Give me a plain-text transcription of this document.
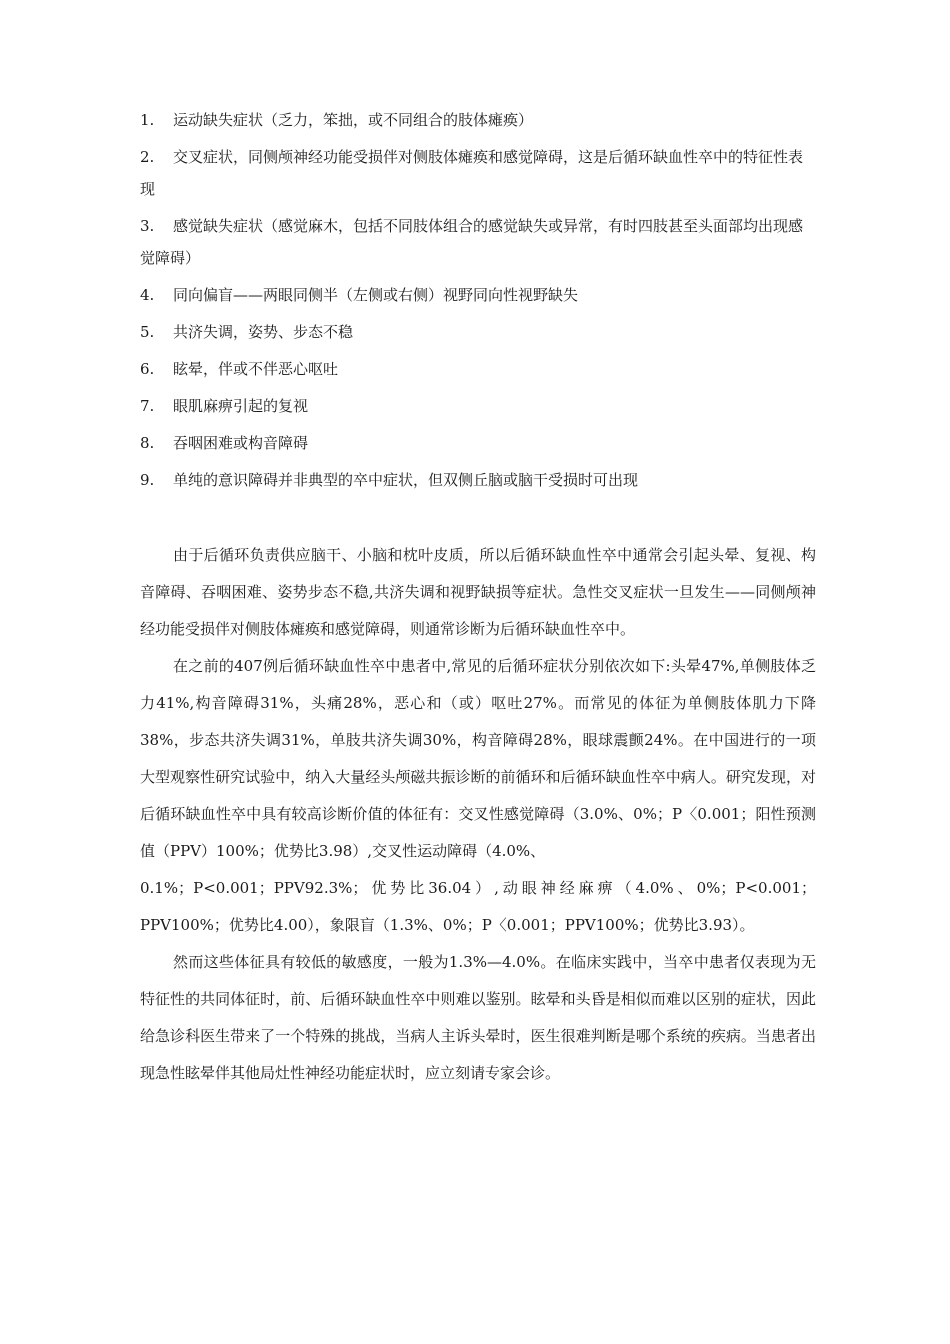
1.	运动缺失症状（乏力，笨拙，或不同组合的肢体瘫痪）
2. 交叉症状，同侧颅神经功能受损伴对侧肢体瘫痪和感觉障碍，这是后循环缺血性卒中的特征性表现
3. 感觉缺失症状（感觉麻木，包括不同肢体组合的感觉缺失或异常，有时四肢甚至头面部均出现感觉障碍）
4.	同向偏盲——两眼同侧半（左侧或右侧）视野同向性视野缺失
5.	共济失调，姿势、步态不稳
6.	眩晕，伴或不伴恶心呕吐
7.	眼肌麻痹引起的复视
8.	吞咽困难或构音障碍
9.	单纯的意识障碍并非典型的卒中症状，但双侧丘脑或脑干受损时可出现

由于后循环负责供应脑干、小脑和枕叶皮质，所以后循环缺血性卒中通常会引起头晕、复视、构音障碍、吞咽困难、姿势步态不稳,共济失调和视野缺损等症状。急性交叉症状一旦发生——同侧颅神经功能受损伴对侧肢体瘫痪和感觉障碍，则通常诊断为后循环缺血性卒中。

在之前的407例后循环缺血性卒中患者中,常见的后循环症状分别依次如下:头晕47%,单侧肢体乏力41%,构音障碍31%，头痛28%，恶心和（或）呕吐27%。而常见的体征为单侧肢体肌力下降38%，步态共济失调31%，单肢共济失调30%，构音障碍28%，眼球震颤24%。在中国进行的一项大型观察性研究试验中，纳入大量经头颅磁共振诊断的前循环和后循环缺血性卒中病人。研究发现，对后循环缺血性卒中具有较高诊断价值的体征有：交叉性感觉障碍（3.0%、0%；P〈0.001；阳性预测值（PPV）100%；优势比3.98）,交叉性运动障碍（4.0%、

0.1%；P<0.001；PPV92.3%；优势比36.04）,动眼神经麻痹（4.0%、0%；P<0.001；PPV100%；优势比4.00），象限盲（1.3%、0%；P〈0.001；PPV100%；优势比3.93）。

然而这些体征具有较低的敏感度，一般为1.3%—4.0%。在临床实践中，当卒中患者仅表现为无特征性的共同体征时，前、后循环缺血性卒中则难以鉴别。眩晕和头昏是相似而难以区别的症状，因此给急诊科医生带来了一个特殊的挑战，当病人主诉头晕时，医生很难判断是哪个系统的疾病。当患者出现急性眩晕伴其他局灶性神经功能症状时，应立刻请专家会诊。
